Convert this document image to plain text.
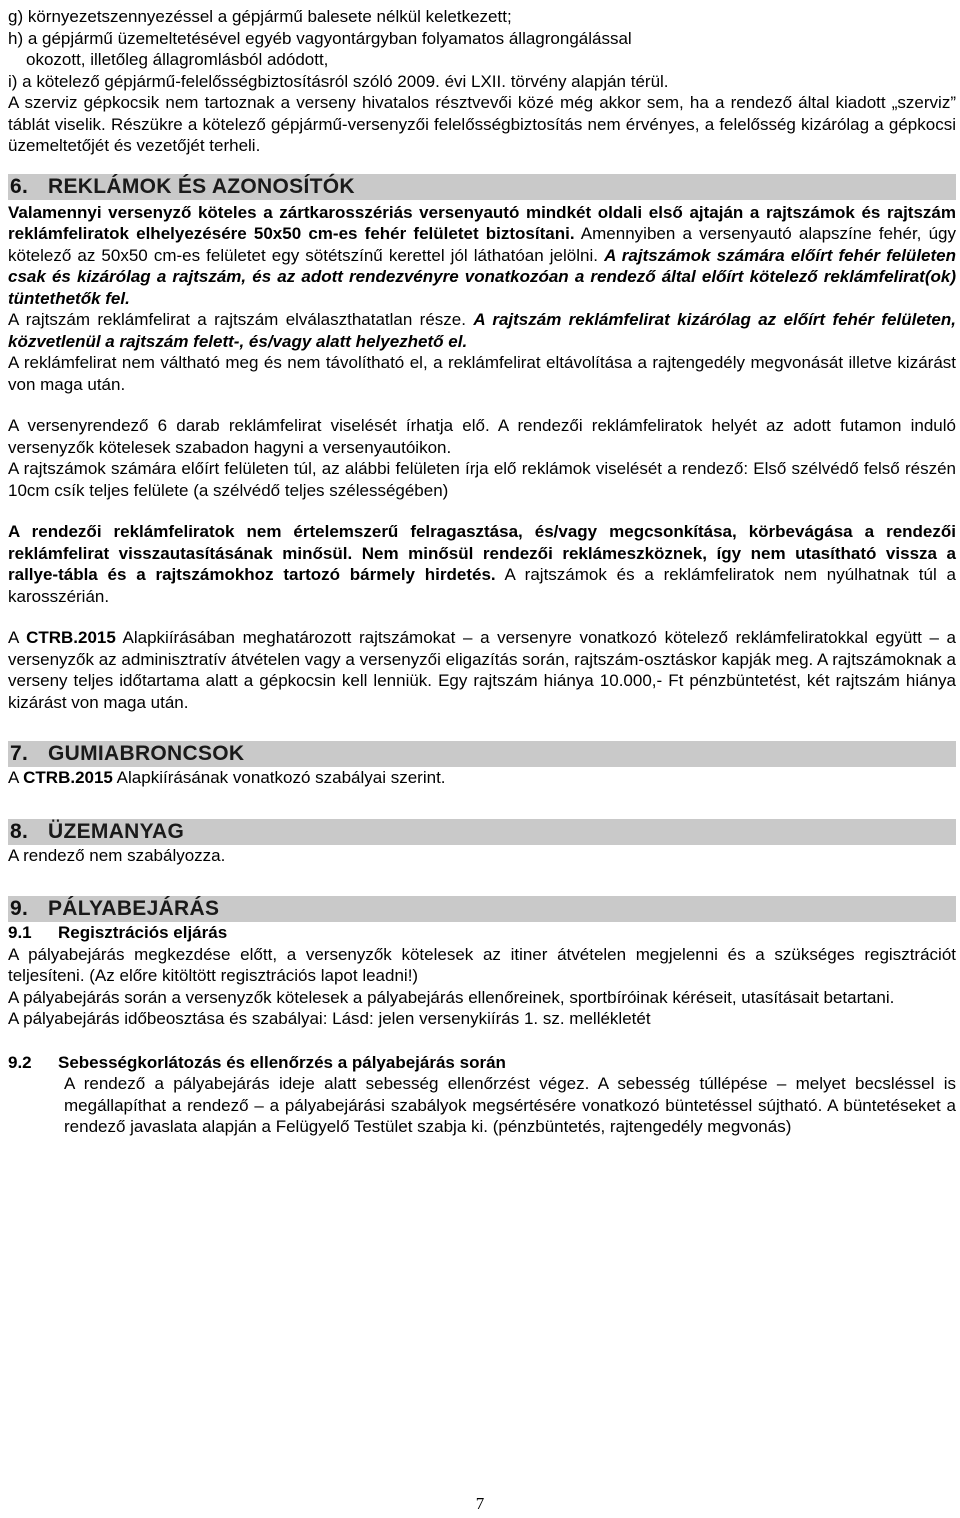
g) környezetszennyezéssel a gépjármű balesete nélkül keletkezett;

h) a gépjármű üzemeltetésével egyéb vagyontárgyban folyamatos állagrongálással

okozott, illetőleg állagromlásból adódott,

i) a kötelező gépjármű-felelősségbiztosításról szóló 2009. évi LXII. törvény alapján térül.

A szerviz gépkocsik nem tartoznak a verseny hivatalos résztvevői közé még akkor sem, ha a rendező által kiadott „szerviz” táblát viselik. Részükre a kötelező gépjármű-versenyzői felelősségbiztosítás nem érvényes, a felelősség kizárólag a gépkocsi üzemeltetőjét és vezetőjét terheli.

6. REKLÁMOK ÉS AZONOSÍTÓK

Valamennyi versenyző köteles a zártkarosszériás versenyautó mindkét oldali első ajtaján a rajtszámok és rajtszám reklámfeliratok elhelyezésére 50x50 cm-es fehér felületet biztosítani. Amennyiben a versenyautó alapszíne fehér, úgy kötelező az 50x50 cm-es felületet egy sötétszínű kerettel jól láthatóan jelölni. A rajtszámok számára előírt fehér felületen csak és kizárólag a rajtszám, és az adott rendezvényre vonatkozóan a rendező által előírt kötelező reklámfelirat(ok) tüntethetők fel.

A rajtszám reklámfelirat a rajtszám elválaszthatatlan része. A rajtszám reklámfelirat kizárólag az előírt fehér felületen, közvetlenül a rajtszám felett-, és/vagy alatt helyezhető el.

A reklámfelirat nem váltható meg és nem távolítható el, a reklámfelirat eltávolítása a rajtengedély megvonását illetve kizárást von maga után.

A versenyrendező 6 darab reklámfelirat viselését írhatja elő. A rendezői reklámfeliratok helyét az adott futamon induló versenyzők kötelesek szabadon hagyni a versenyautóikon.

A rajtszámok számára előírt felületen túl, az alábbi felületen írja elő reklámok viselését a rendező: Első szélvédő felső részén 10cm csík teljes felülete (a szélvédő teljes szélességében)

A rendezői reklámfeliratok nem értelemszerű felragasztása, és/vagy megcsonkítása, körbevágása a rendezői reklámfelirat visszautasításának minősül. Nem minősül rendezői reklámeszköznek, így nem utasítható vissza a rallye-tábla és a rajtszámokhoz tartozó bármely hirdetés. A rajtszámok és a reklámfeliratok nem nyúlhatnak túl a karosszérián.

A CTRB.2015 Alapkiírásában meghatározott rajtszámokat – a versenyre vonatkozó kötelező reklámfeliratokkal együtt – a versenyzők az adminisztratív átvételen vagy a versenyzői eligazítás során, rajtszám-osztáskor kapják meg. A rajtszámoknak a verseny teljes időtartama alatt a gépkocsin kell lenniük. Egy rajtszám hiánya 10.000,- Ft pénzbüntetést, két rajtszám hiánya kizárást von maga után.

7. GUMIABRONCSOK

A CTRB.2015 Alapkiírásának vonatkozó szabályai szerint.

8. ÜZEMANYAG

A rendező nem szabályozza.

9. PÁLYABEJÁRÁS

9.1 Regisztrációs eljárás

A pályabejárás megkezdése előtt, a versenyzők kötelesek az itiner átvételen megjelenni és a szükséges regisztrációt teljesíteni. (Az előre kitöltött regisztrációs lapot leadni!)

A pályabejárás során a versenyzők kötelesek a pályabejárás ellenőreinek, sportbíróinak kéréseit, utasításait betartani.

A pályabejárás időbeosztása és szabályai: Lásd: jelen versenykiírás 1. sz. mellékletét

9.2 Sebességkorlátozás és ellenőrzés a pályabejárás során

A rendező a pályabejárás ideje alatt sebesség ellenőrzést végez. A sebesség túllépése – melyet becsléssel is megállapíthat a rendező – a pályabejárási szabályok megsértésére vonatkozó büntetéssel sújtható. A büntetéseket a rendező javaslata alapján a Felügyelő Testület szabja ki. (pénzbüntetés, rajtengedély megvonás)

7
